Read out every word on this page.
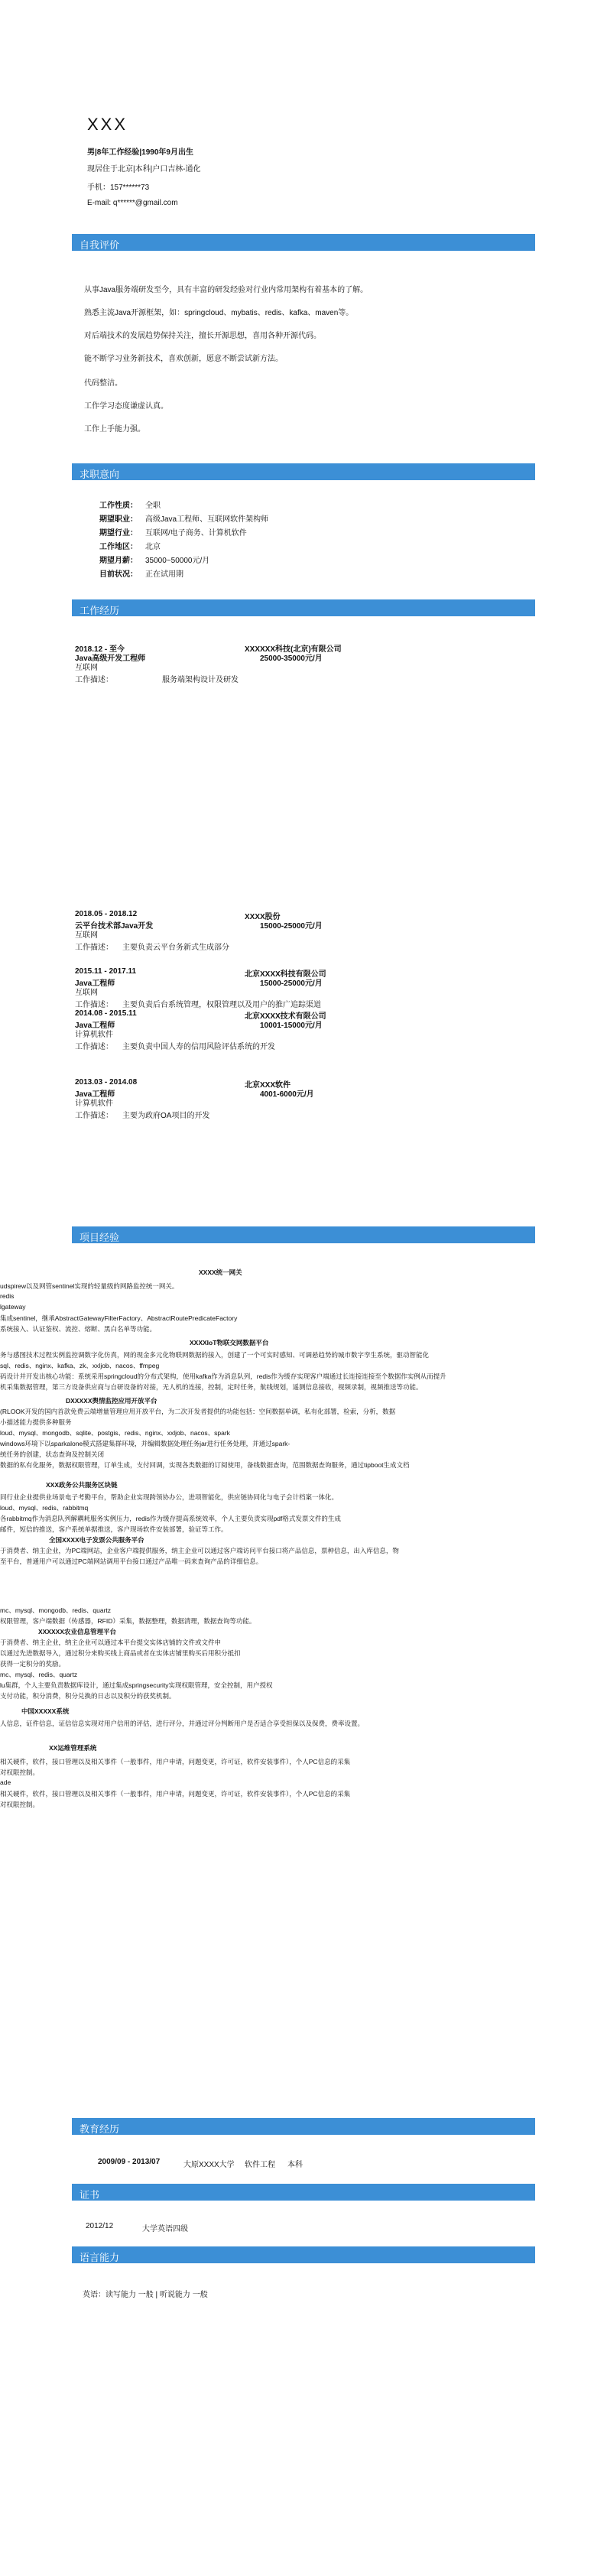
XXX
男|8年工作经验|1990年9月出生
现居住于北京|本科|户口吉林-通化
手机：157******73
E-mail: q******@gmail.com
自我评价
从事Java服务端研发至今，具有丰富的研发经验对行业内常用架构有着基本的了解。
熟悉主流Java开源框架，如：springcloud、mybatis、redis、kafka、maven等。
对后端技术的发展趋势保持关注，擅长开源思想，喜用各种开源代码。
能不断学习业务新技术，喜欢创新，愿意不断尝试新方法。
代码整洁。
工作学习态度谦虚认真。
工作上手能力强。
求职意向
工作性质： 全职
期望职业： 高级Java工程师、互联网软件架构师
期望行业： 互联网/电子商务、计算机软件
工作地区： 北京
期望月薪： 35000~50000元/月
目前状况： 正在试用期
工作经历
2018.12 - 至今	XXXXXX科技(北京)有限公司
Java高级开发工程师	25000-35000元/月
互联网
工作描述：	服务端架构设计及研发
2018.05 - 2018.12	XXXX股份
云平台技术部Java开发	15000-25000元/月
互联网
工作描述： 主要负责云平台务新式生成部分
2015.11 - 2017.11	北京XXXX科技有限公司
Java工程师	15000-25000元/月
互联网
工作描述： 主要负责后台系统管理，权限管理以及用户的推广追踪渠道
2014.08 - 2015.11	北京XXXX技术有限公司
Java工程师	10001-15000元/月
计算机软件
工作描述： 主要负责中国人寿的信用风险评估系统的开发
2013.03 - 2014.08	北京XXX软件
Java工程师	4001-6000元/月
计算机软件
工作描述： 主要为政府OA项目的开发
项目经验
XXXX统一网关
udspirew以及网管sentinel实现的轻量级的网路监控统一网关。
redis
lgateway
集成sentinel，继承AbstractGatewayFilterFactory、AbstractRoutePredicateFactory
系统接入、认证鉴权、流控、熔断、黑白名单等功能。
XXXXIoT物联交网数据平台
务与感图技术过程实例监控调数字化仿真，网的现金多元化物联网数据的接入，创建了一个可实时感知、可调悬趋势的城市数字孪生系统，驱动智能化
sql、redis、nginx、kafka、zk、xxljob、nacos、ffmpeg
码设计并开发出核心功能：系统采用springcloud的分布式架构，使用kafka作为消息队列，redis作为缓存实现客户端通过长连接连接至个数据作实例从而提升
机采集数据管理，第三方设备供应商与自研设备的对接，无人机的连接，控制，定时任务，航线规划，遥测信息接收，视频录制，视频推送等功能。
DXXXXX舆情监控应用开放平台
(RLOOK开发的国内首款免费云端增量管理应用开放平台，为二次开发者提供的功能包括：空间数据单调，私有化部署，检索，分析，数据
小描述能力提供多种服务
loud、mysql、mongodb、sqlite、postgis、redis、nginx、xxljob、nacos、spark
windows环境下以sparkalone模式搭建集群环境，并编辑数据处理任务jar进行任务处理，并通过spark-
统任务的创建，状态查询及控制关闭
数据的私有化服务，数据权限管理，订单生成，支付回调，实现各类数据的订阅使用，备线数据查询，范围数据查询服务，通过tipboot生成文档
XXX政务公共服务区块链
同行业企业提供业场景电子考勤平台，帮助企业实现跨领协办公，进项智能化，供应链协同化与电子会计档案一体化。
loud、mysql、redis、rabbitmq
各rabbitmq作为消息队列解耦耗服务实例压力，redis作为缓存提高系统效率，个人主要负责实现pdf格式发票文件的生成
邮件，短信的推送，客户系统单据推送，客户现场软件安装部署，验证等工作。
全国XXXX电子发票公共服务平台
于消费者、纳主企业，为PC端网站，企业客户端提供服务，纳主企业可以通过客户端访问平台接口将产品信息，票种信息，出入库信息，物
至平台，普通用户可以通过PC端网站调用平台接口通过产品唯一码来查询产品的详细信息。
mc、mysql、mongodb、redis、quartz
权限管理，客户端数据（传感器，RFID）采集，数据整理，数据清理，数据查询等功能。
XXXXXX农业信息管理平台
于消费者、纳主企业，纳主企业可以通过本平台提交实体店铺的文件或文件申
以通过先进数据导入，通过积分来购买线上商品或者在实体店铺里购买后用积分抵扣
获得一定积分的奖励。
mc、mysql、redis、quartz
lu集群，个人主要负责数据库设计，通过集成springsecurity实现权限管理，安全控制，用户授权
支付功能，积分消费，积分兑换的日志以及积分的获奖机制。
中国XXXXX系统
人信息，证件信息，证信信息实现对用户信用的评估，进行评分，并通过评分判断用户是否适合享受担保以及保费，费率设置。
XX运维管理系统
相关硬件，软件，接口管理以及相关事件（一般事件，用户申请，问题变更，许可证，软件安装事件），个人PC信息的采集
对权限控制。
ade
相关硬件，软件，接口管理以及相关事件（一般事件，用户申请，问题变更，许可证，软件安装事件），个人PC信息的采集
对权限控制。
教育经历
2009/09 - 2013/07	大原XXXX大学 软件工程 本科
证书
2012/12	大学英语四级
语言能力
英语：读写能力 一般 | 听说能力 一般
